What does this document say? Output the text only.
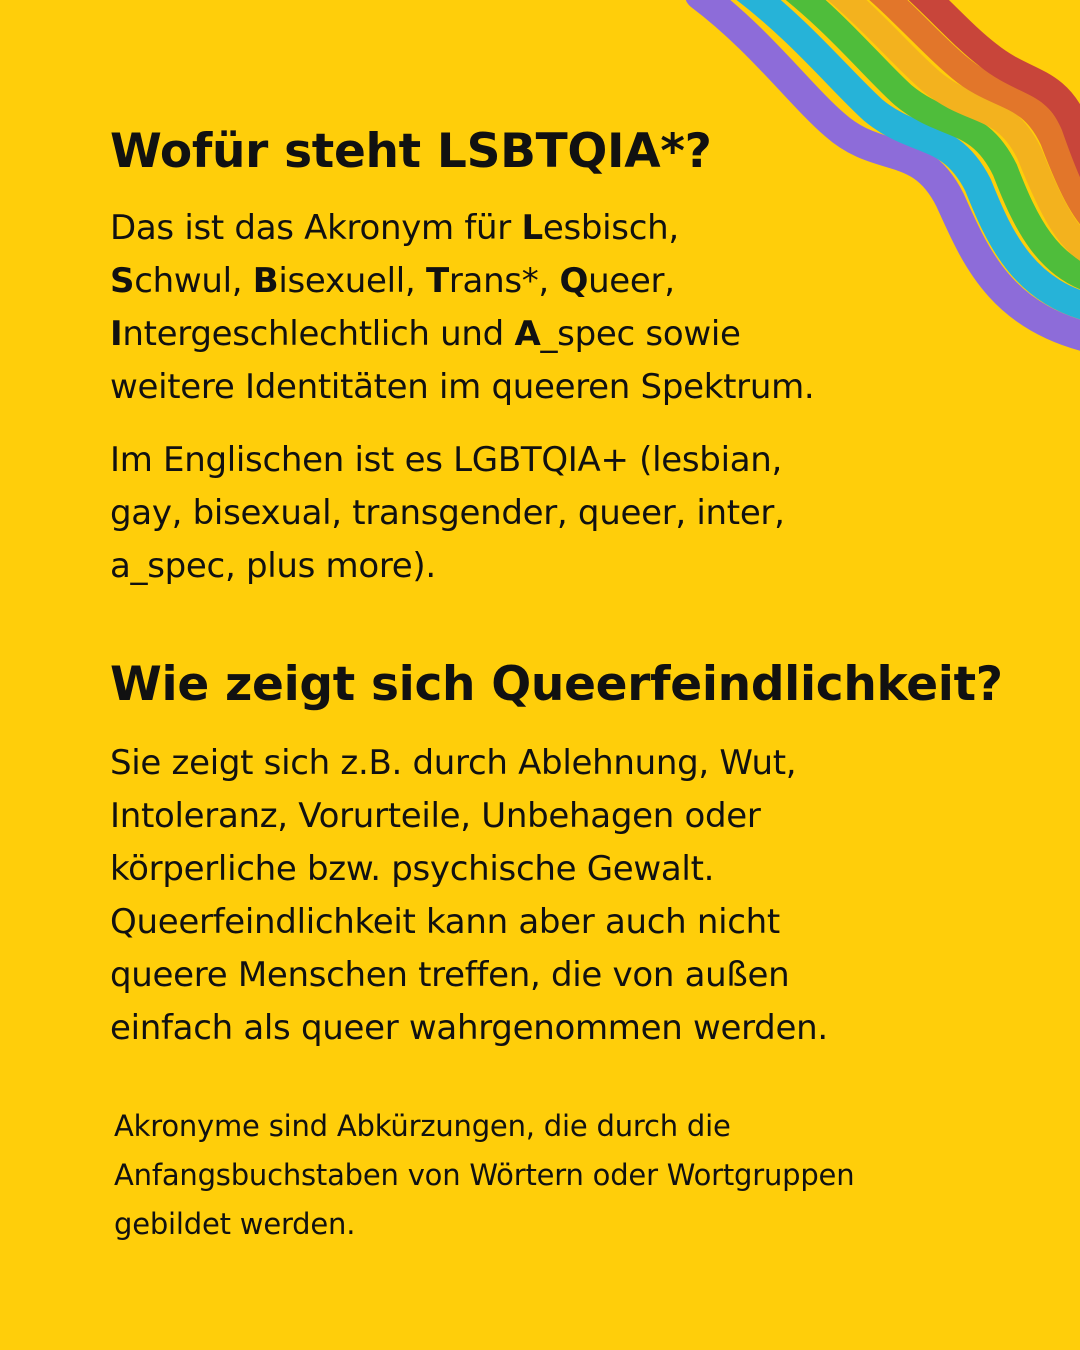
Wofür steht LSBTQIA*?

Das ist das Akronym für Lesbisch,
Schwul, Bisexuell, Trans*, Queer,
Intergeschlechtlich und A_spec sowie
weitere Identitäten im queeren Spektrum.

Im Englischen ist es LGBTQIA+ (lesbian,
gay, bisexual, transgender, queer, inter,
a_spec, plus more).

Wie zeigt sich Queerfeindlichkeit?

Sie zeigt sich z.B. durch Ablehnung, Wut,
Intoleranz, Vorurteile, Unbehagen oder
körperliche bzw. psychische Gewalt.
Queerfeindlichkeit kann aber auch nicht
queere Menschen treffen, die von außen
einfach als queer wahrgenommen werden.

Akronyme sind Abkürzungen, die durch die
Anfangsbuchstaben von Wörtern oder Wortgruppen
gebildet werden.
